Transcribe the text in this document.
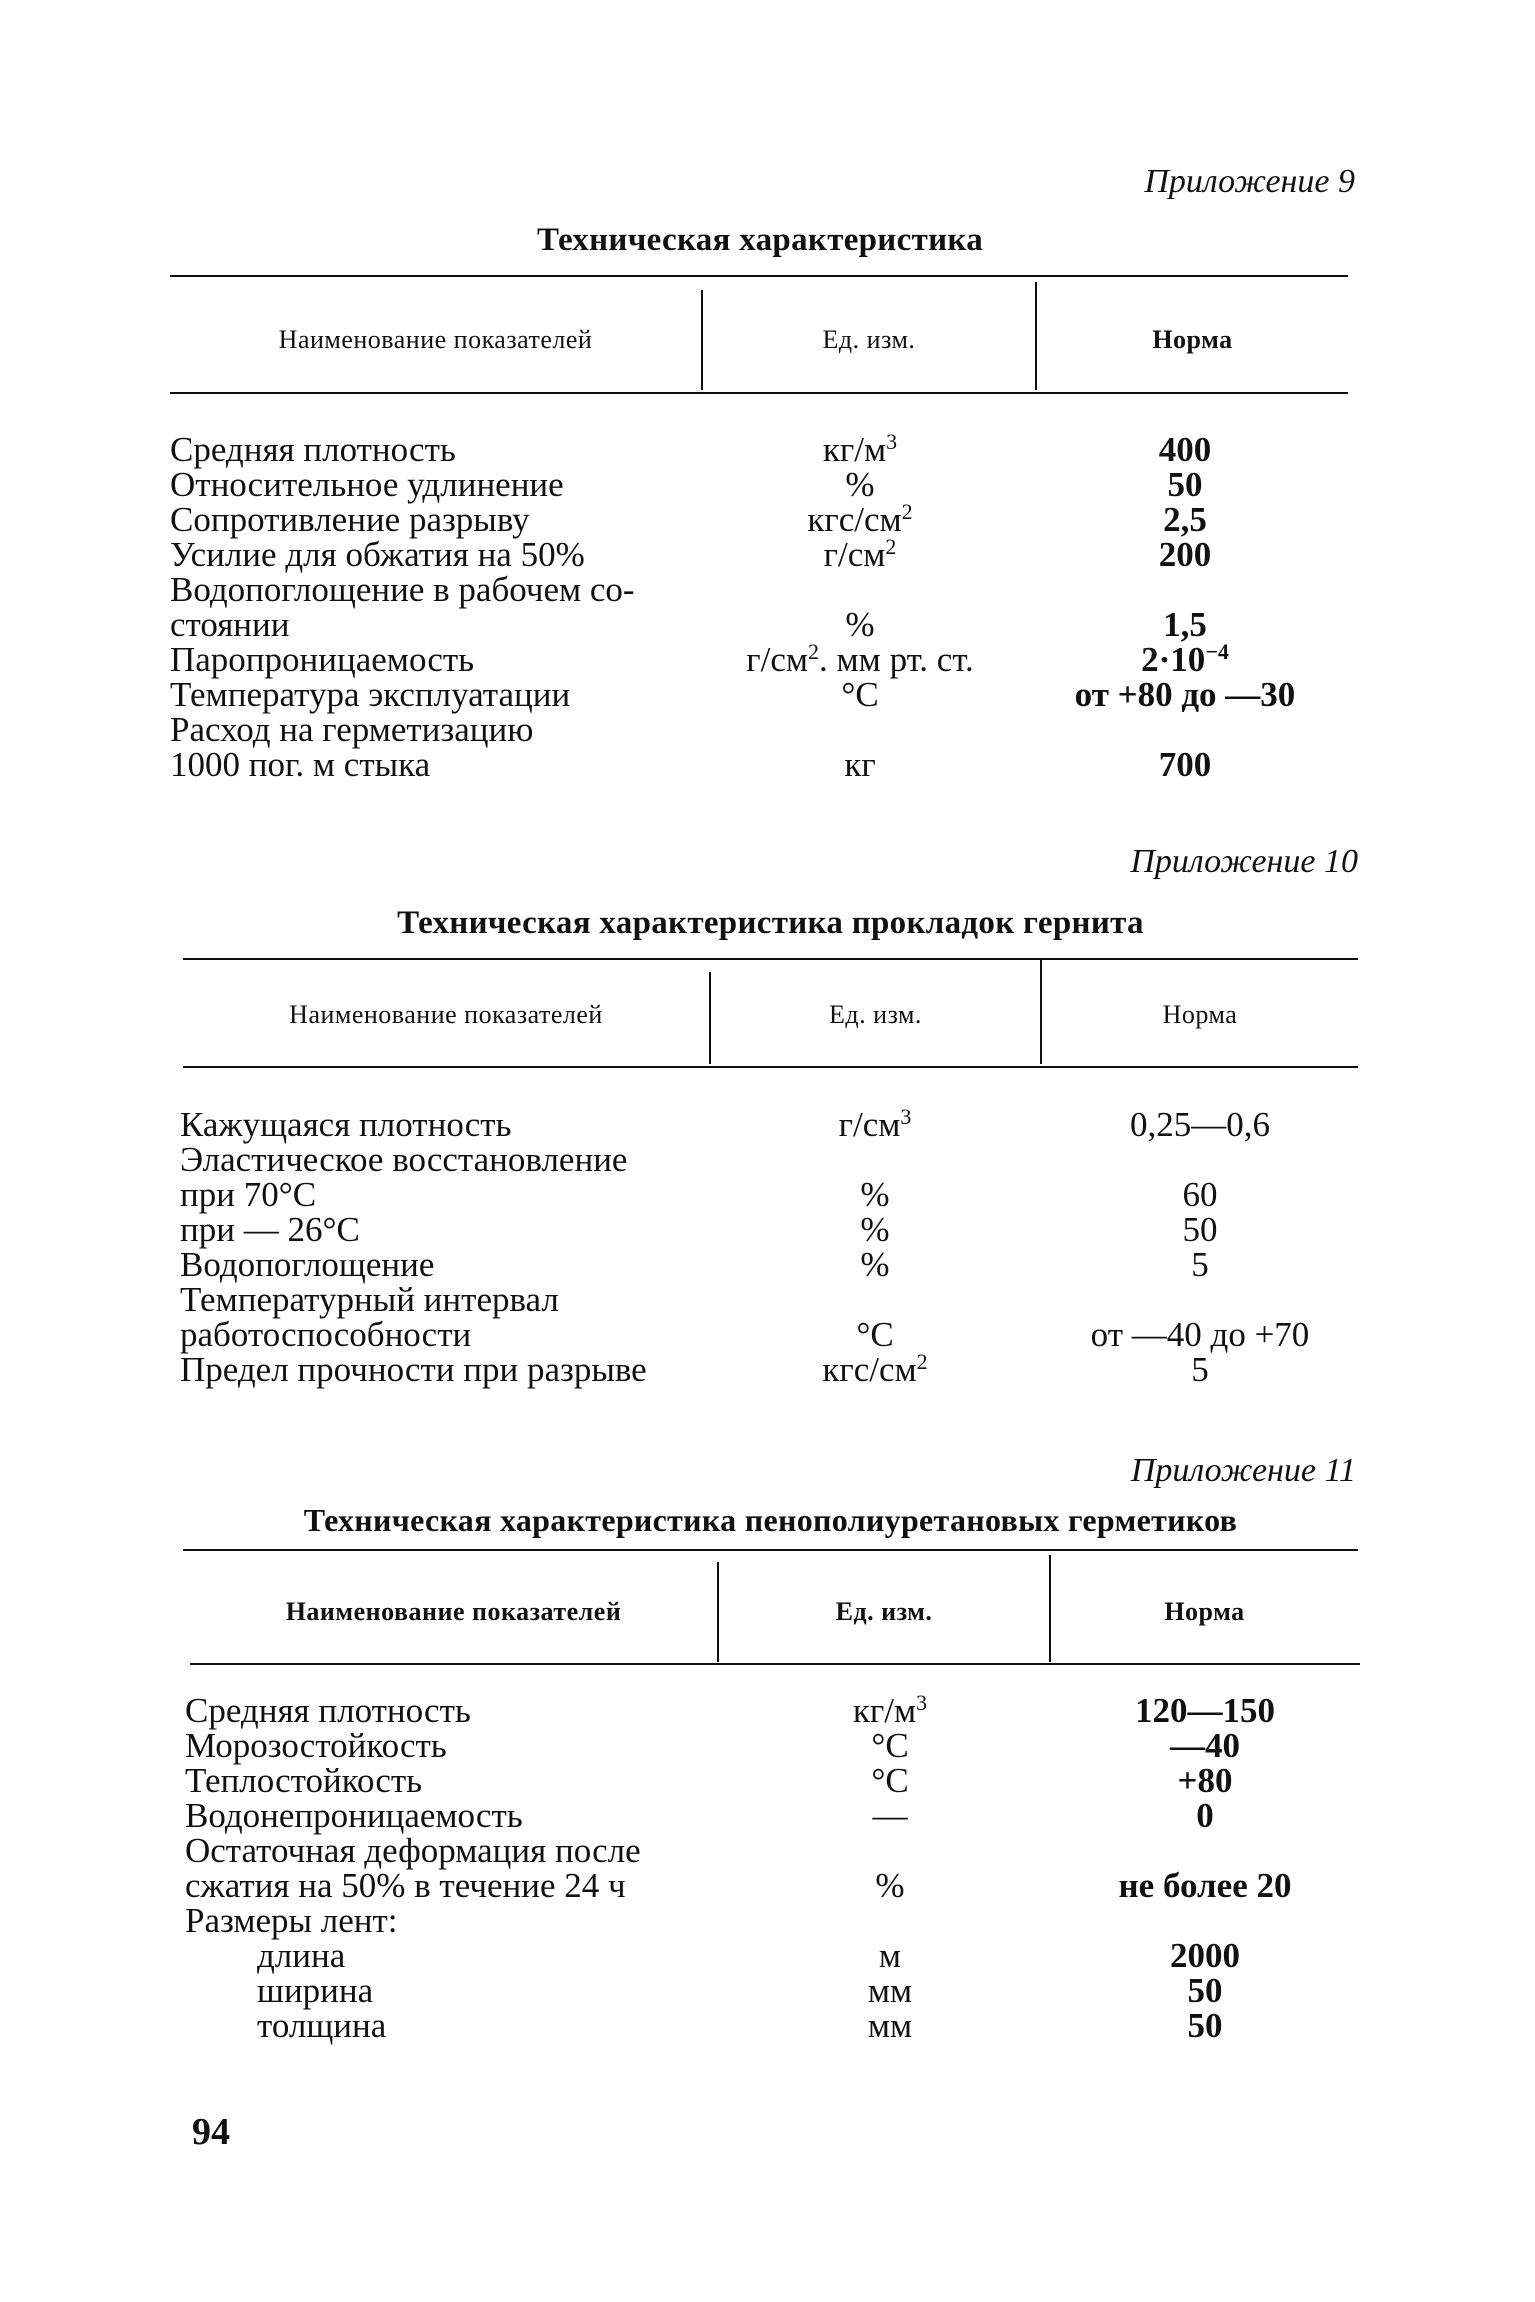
Приложение 9
Техническая характеристика
Наименование показателей	Ед. изм.	Норма
Средняя плотность	$кг/м^3$	400
Относительное удлинение	%	50
Сопротивление разрыву	кгс/$см^2$	2,5
Усилие для обжатия на 50%	$г/см^2$	200
Водопоглощение в рабочем со-
стоянии	%	1,5
Паропроницаемость	$г/см^2$. мм рт. ст.	$2\cdot 10^{-4}$
Температура эксплуатации	°С	от +80 до —30
Расход на герметизацию
1000 пог. м стыка	кг	700
Приложение 10
Техническая характеристика прокладок гернита
Наименование показателей	Ед. изм.	Норма
Кажущаяся плотность	$г/см^3$	0,25—0,6
Эластическое восстановление
при 70°С	%	60
при — 26°С	%	50
Водопоглощение	%	5
Температурный интервал
работоспособности	°С	от —40 до +70
Предел прочности при разрыве	кгс/$см^2$	5
Приложение 11
Техническая характеристика пенополиуретановых герметиков
Наименование показателей	Ед. изм.	Норма
Средняя плотность	$кг/м^3$	120—150
Морозостойкость	°С	—40
Теплостойкость	°С	+80
Водонепроницаемость	—	0
Остаточная деформация после
сжатия на 50% в течение 24 ч	%	не более 20
Размеры лент:
длина	м	2000
ширина	мм	50
толщина	мм	50
94
